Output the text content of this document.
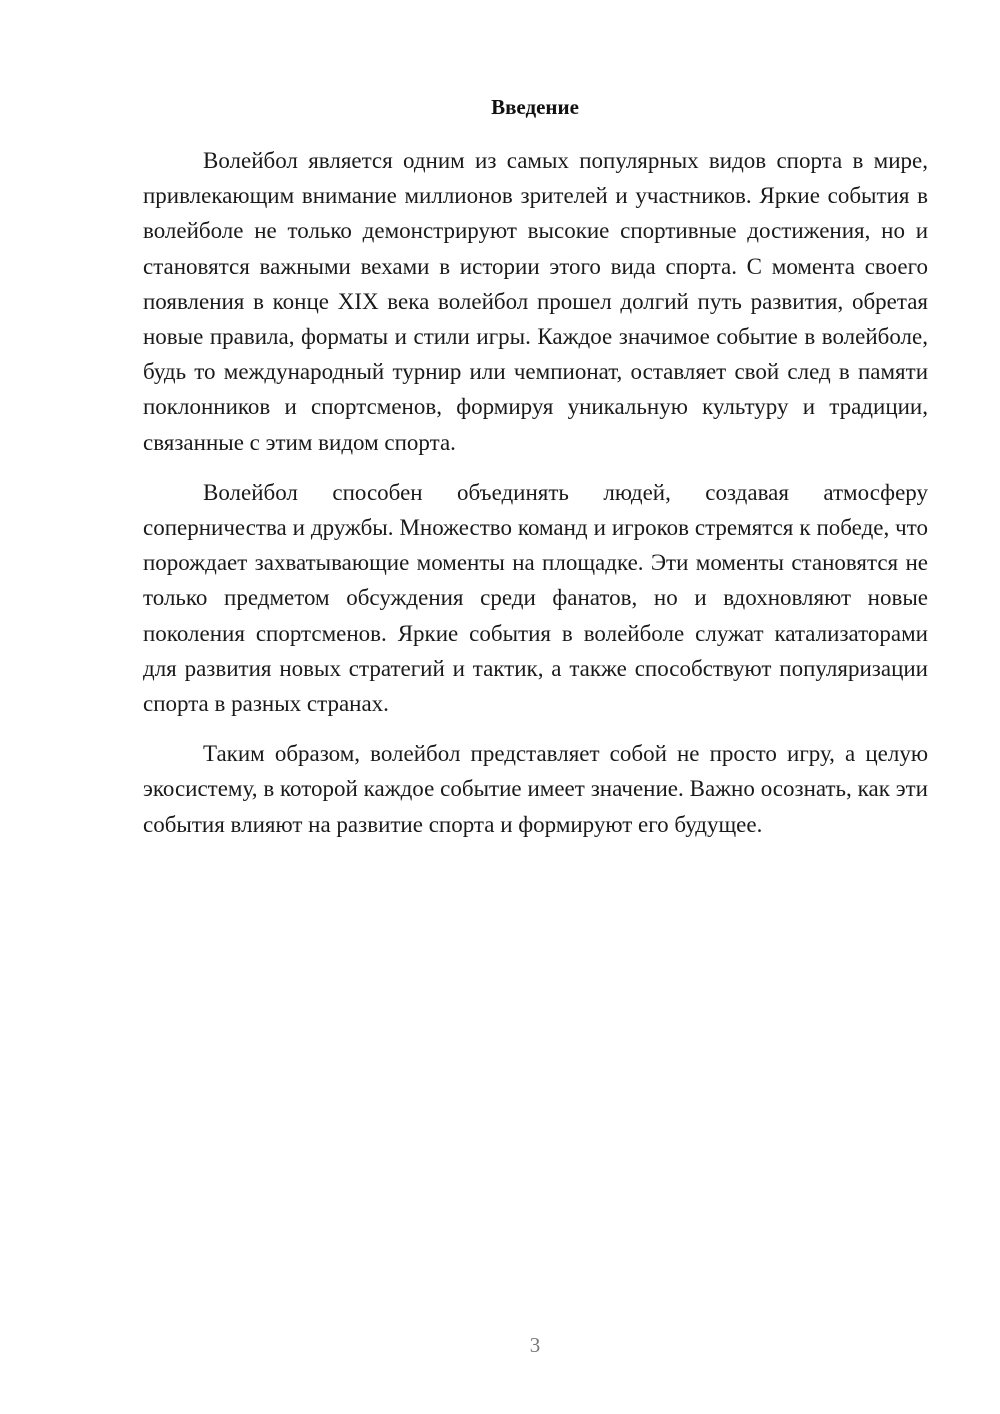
Введение

Волейбол является одним из самых популярных видов спорта в мире, привлекающим внимание миллионов зрителей и участников. Яркие события в волейболе не только демонстрируют высокие спортивные достижения, но и становятся важными вехами в истории этого вида спорта. С момента своего появления в конце XIX века волейбол прошел долгий путь развития, обретая новые правила, форматы и стили игры. Каждое значимое событие в волейболе, будь то международный турнир или чемпионат, оставляет свой след в памяти поклонников и спортсменов, формируя уникальную культуру и традиции, связанные с этим видом спорта.

Волейбол способен объединять людей, создавая атмосферу соперничества и дружбы. Множество команд и игроков стремятся к победе, что порождает захватывающие моменты на площадке. Эти моменты становятся не только предметом обсуждения среди фанатов, но и вдохновляют новые поколения спортсменов. Яркие события в волейболе служат катализаторами для развития новых стратегий и тактик, а также способствуют популяризации спорта в разных странах.

Таким образом, волейбол представляет собой не просто игру, а целую экосистему, в которой каждое событие имеет значение. Важно осознать, как эти события влияют на развитие спорта и формируют его будущее.

3
